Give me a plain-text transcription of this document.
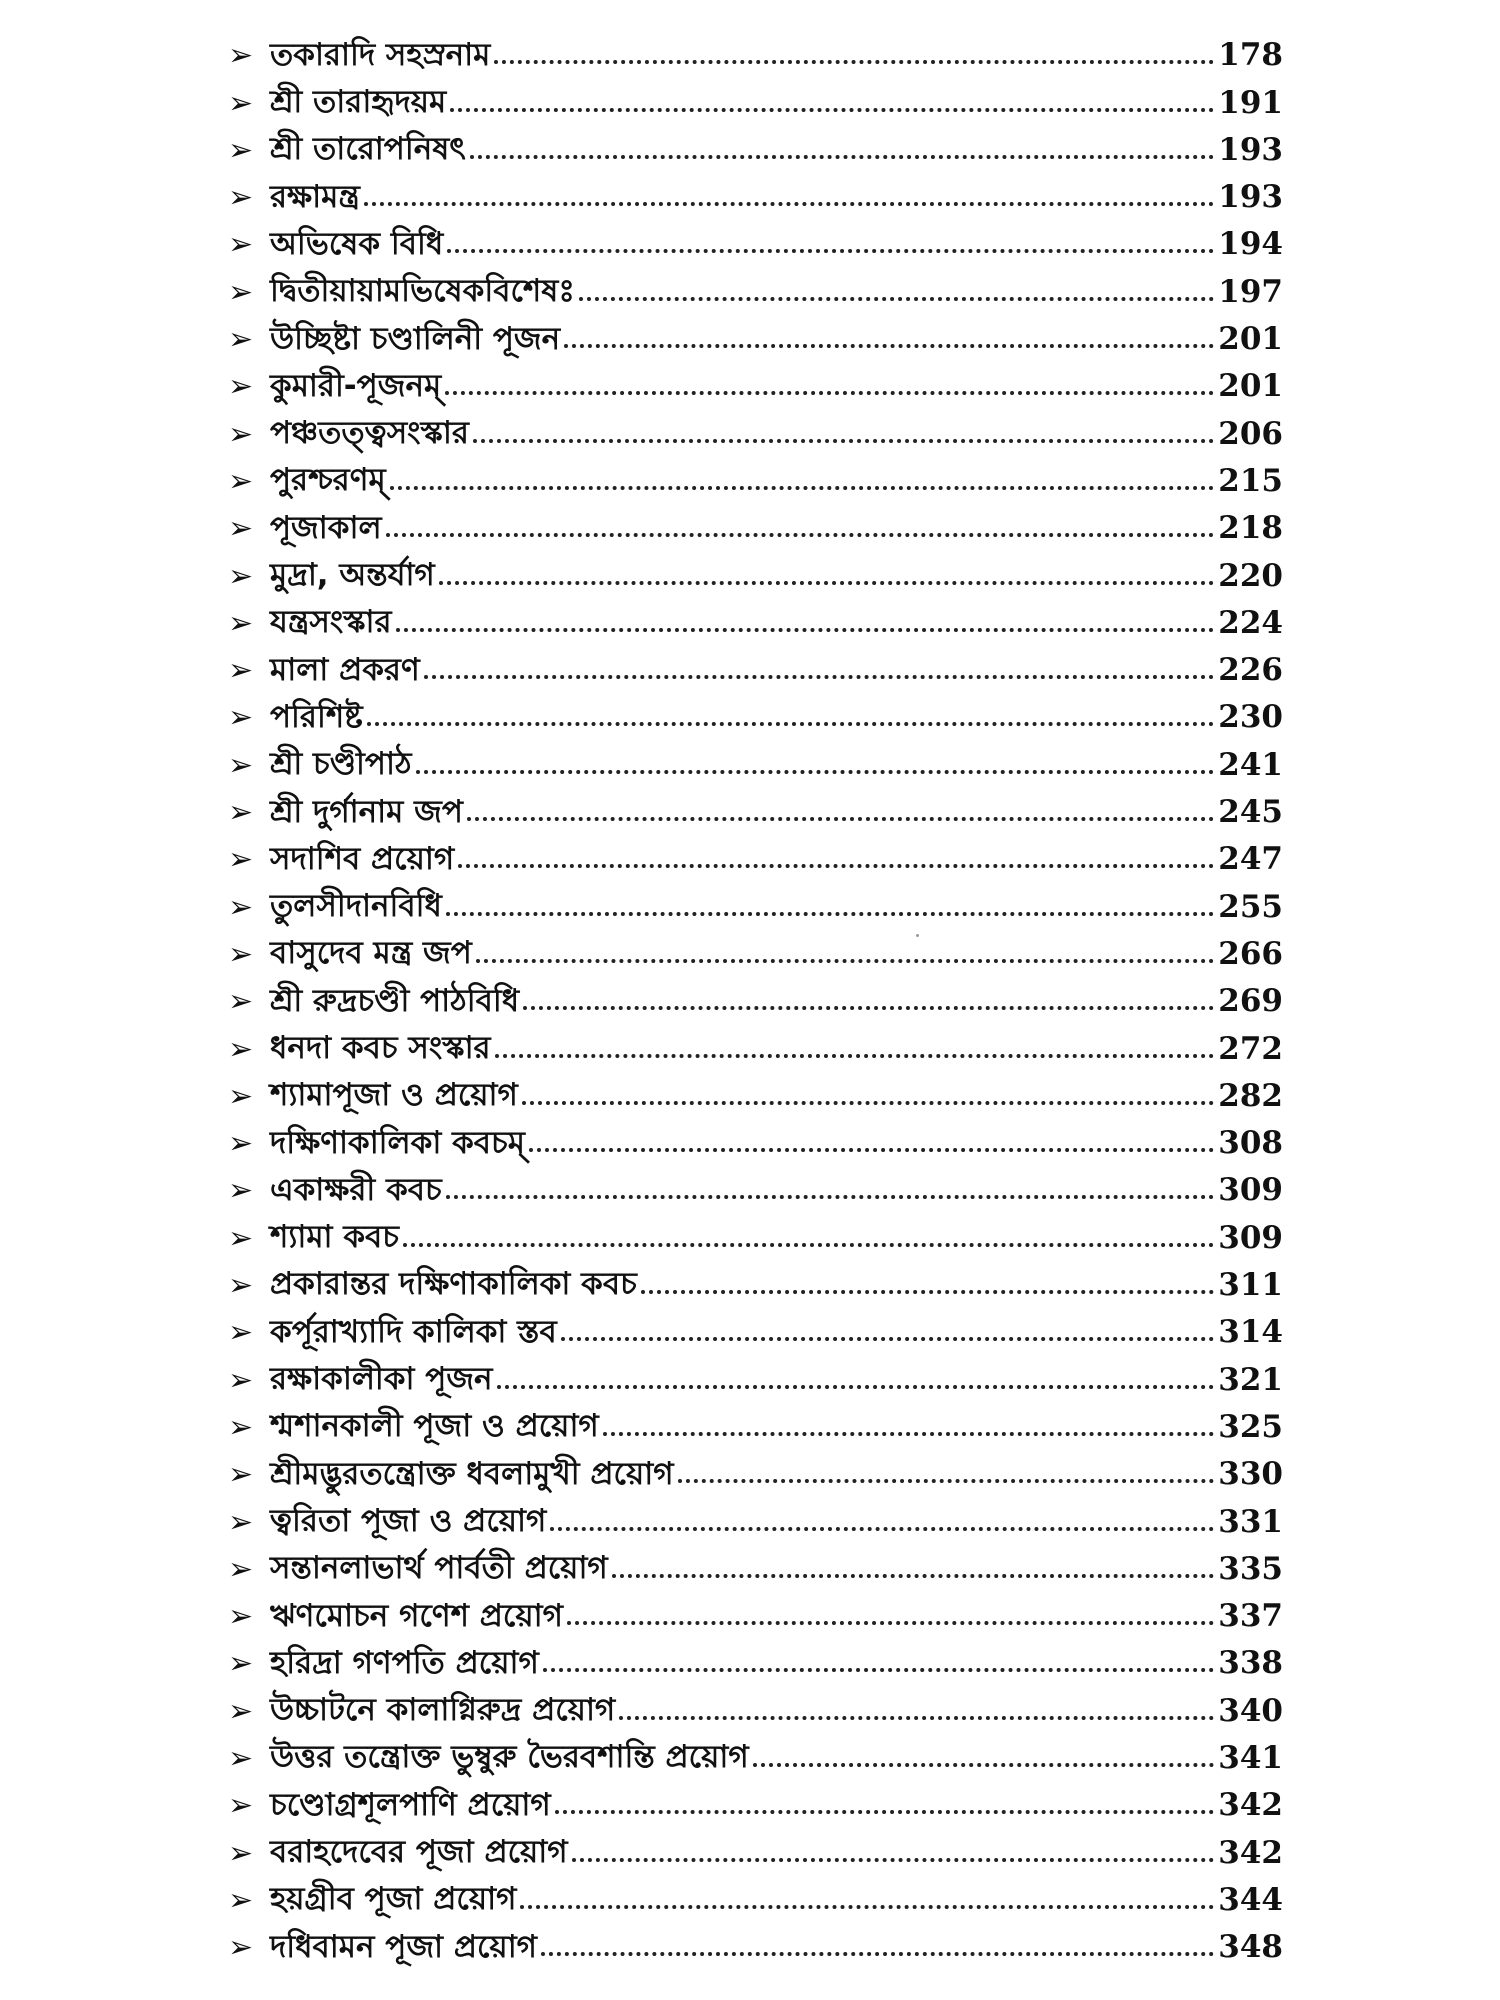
➢ তকারাদি সহস্রনাম	178
➢ শ্রী তারাহৃদয়ম	191
➢ শ্রী তারোপনিষৎ	193
➢ রক্ষামন্ত্র	193
➢ অভিষেক বিধি	194
➢ দ্বিতীয়ায়ামভিষেকবিশেষঃ	197
➢ উচ্ছিষ্টা চণ্ডালিনী পূজন	201
➢ কুমারী-পূজনম্	201
➢ পঞ্চতত্ত্বসংস্কার	206
➢ পুরশ্চরণম্	215
➢ পূজাকাল	218
➢ মুদ্রা, অন্তর্যাগ	220
➢ যন্ত্রসংস্কার	224
➢ মালা প্রকরণ	226
➢ পরিশিষ্ট	230
➢ শ্রী চণ্ডীপাঠ	241
➢ শ্রী দুর্গানাম জপ	245
➢ সদাশিব প্রয়োগ	247
➢ তুলসীদানবিধি	255
➢ বাসুদেব মন্ত্র জপ	266
➢ শ্রী রুদ্রচণ্ডী পাঠবিধি	269
➢ ধনদা কবচ সংস্কার	272
➢ শ্যামাপূজা ও প্রয়োগ	282
➢ দক্ষিণাকালিকা কবচম্	308
➢ একাক্ষরী কবচ	309
➢ শ্যামা কবচ	309
➢ প্রকারান্তর দক্ষিণাকালিকা কবচ	311
➢ কর্পূরাখ্যাদি কালিকা স্তব	314
➢ রক্ষাকালীকা পূজন	321
➢ শ্মশানকালী পূজা ও প্রয়োগ	325
➢ শ্রীমদ্ভুরতন্ত্রোক্ত ধবলামুখী প্রয়োগ	330
➢ ত্বরিতা পূজা ও প্রয়োগ	331
➢ সন্তানলাভার্থ পার্বতী প্রয়োগ	335
➢ ঋণমোচন গণেশ প্রয়োগ	337
➢ হরিদ্রা গণপতি প্রয়োগ	338
➢ উচ্চাটনে কালাগ্নিরুদ্র প্রয়োগ	340
➢ উত্তর তন্ত্রোক্ত ভুম্বুরু ভৈরবশান্তি প্রয়োগ	341
➢ চণ্ডোগ্রশূলপাণি প্রয়োগ	342
➢ বরাহদেবের পূজা প্রয়োগ	342
➢ হয়গ্রীব পূজা প্রয়োগ	344
➢ দধিবামন পূজা প্রয়োগ	348
